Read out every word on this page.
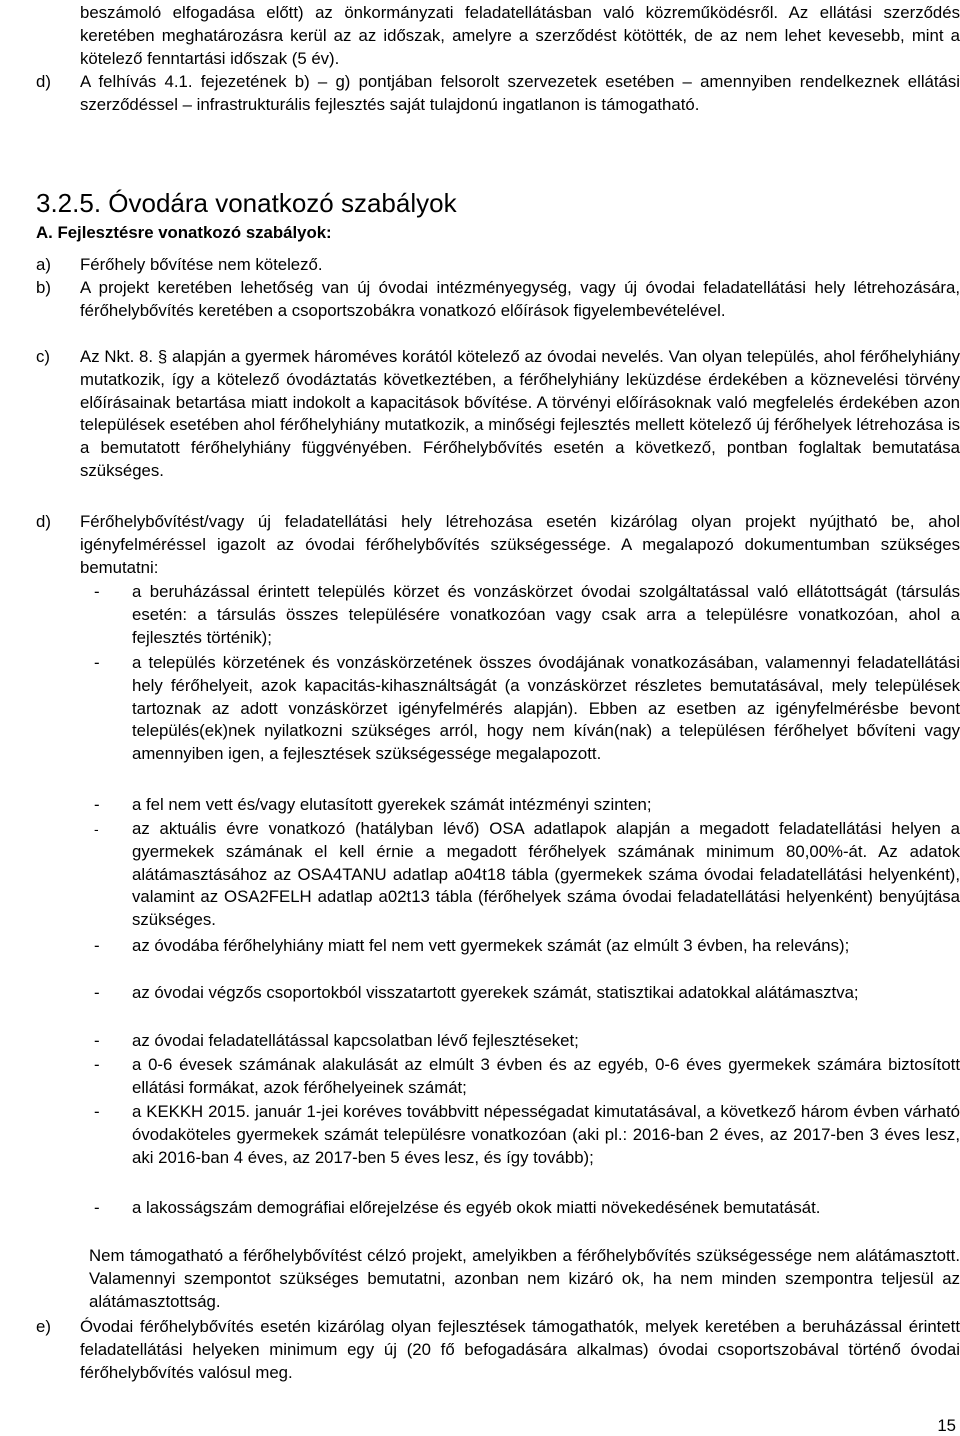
beszámoló elfogadása előtt) az önkormányzati feladatellátásban való közreműködésről. Az ellátási szerződés keretében meghatározásra kerül az az időszak, amelyre a szerződést kötötték, de az nem lehet kevesebb, mint a kötelező fenntartási időszak (5 év).

d)	A felhívás 4.1. fejezetének b) – g) pontjában felsorolt szervezetek esetében – amennyiben rendelkeznek ellátási szerződéssel – infrastrukturális fejlesztés saját tulajdonú ingatlanon is támogatható.

3.2.5. Óvodára vonatkozó szabályok
A. Fejlesztésre vonatkozó szabályok:
a)	Férőhely bővítése nem kötelező.

b)	A projekt keretében lehetőség van új óvodai intézményegység, vagy új óvodai feladatellátási hely létrehozására, férőhelybővítés keretében a csoportszobákra vonatkozó előírások figyelembevételével.

c)	Az Nkt. 8. § alapján a gyermek hároméves korától kötelező az óvodai nevelés. Van olyan település, ahol férőhelyhiány mutatkozik, így a kötelező óvodáztatás következtében, a férőhelyhiány leküzdése érdekében a köznevelési törvény előírásainak betartása miatt indokolt a kapacitások bővítése. A törvényi előírásoknak való megfelelés érdekében azon települések esetében ahol férőhelyhiány mutatkozik, a minőségi fejlesztés mellett kötelező új férőhelyek létrehozása is a bemutatott férőhelyhiány függvényében. Férőhelybővítés esetén a következő, pontban foglaltak bemutatása szükséges.

d)	Férőhelybővítést/vagy új feladatellátási hely létrehozása esetén kizárólag olyan projekt nyújtható be, ahol igényfelméréssel igazolt az óvodai férőhelybővítés szükségessége. A megalapozó dokumentumban szükséges bemutatni:

-	a beruházással érintett település körzet és vonzáskörzet óvodai szolgáltatással való ellátottságát (társulás esetén: a társulás összes településére vonatkozóan vagy csak arra a településre vonatkozóan, ahol a fejlesztés történik);

-	a település körzetének és vonzáskörzetének összes óvodájának vonatkozásában, valamennyi feladatellátási hely férőhelyeit, azok kapacitás-kihasználtságát (a vonzáskörzet részletes bemutatásával, mely települések tartoznak az adott vonzáskörzet igényfelmérés alapján). Ebben az esetben az igényfelmérésbe bevont település(ek)nek nyilatkozni szükséges arról, hogy nem kíván(nak) a településen férőhelyet bővíteni vagy amennyiben igen, a fejlesztések szükségessége megalapozott.

-	a fel nem vett és/vagy elutasított gyerekek számát intézményi szinten;

-	az aktuális évre vonatkozó (hatályban lévő) OSA adatlapok alapján a megadott feladatellátási helyen a gyermekek számának el kell érnie a megadott férőhelyek számának minimum 80,00%-át. Az adatok alátámasztásához az OSA4TANU adatlap a04t18 tábla (gyermekek száma óvodai feladatellátási helyenként), valamint az OSA2FELH adatlap a02t13 tábla (férőhelyek száma óvodai feladatellátási helyenként) benyújtása szükséges.

-	az óvodába férőhelyhiány miatt fel nem vett gyermekek számát (az elmúlt 3 évben, ha releváns);

-	az óvodai végzős csoportokból visszatartott gyerekek számát, statisztikai adatokkal alátámasztva;

-	az óvodai feladatellátással kapcsolatban lévő fejlesztéseket;

-	a 0-6 évesek számának alakulását az elmúlt 3 évben és az egyéb, 0-6 éves gyermekek számára biztosított ellátási formákat, azok férőhelyeinek számát;

-	a KEKKH 2015. január 1-jei koréves továbbvitt népességadat kimutatásával, a következő három évben várható óvodaköteles gyermekek számát településre vonatkozóan (aki pl.: 2016-ban 2 éves, az 2017-ben 3 éves lesz, aki 2016-ban 4 éves, az 2017-ben 5 éves lesz, és így tovább);

-	a lakosságszám demográfiai előrejelzése és egyéb okok miatti növekedésének bemutatását.

Nem támogatható a férőhelybővítést célzó projekt, amelyikben a férőhelybővítés szükségessége nem alátámasztott. Valamennyi szempontot szükséges bemutatni, azonban nem kizáró ok, ha nem minden szempontra teljesül az alátámasztottság.

e)	Óvodai férőhelybővítés esetén kizárólag olyan fejlesztések támogathatók, melyek keretében a beruházással érintett feladatellátási helyeken minimum egy új (20 fő befogadására alkalmas) óvodai csoportszobával történő óvodai férőhelybővítés valósul meg.

15
